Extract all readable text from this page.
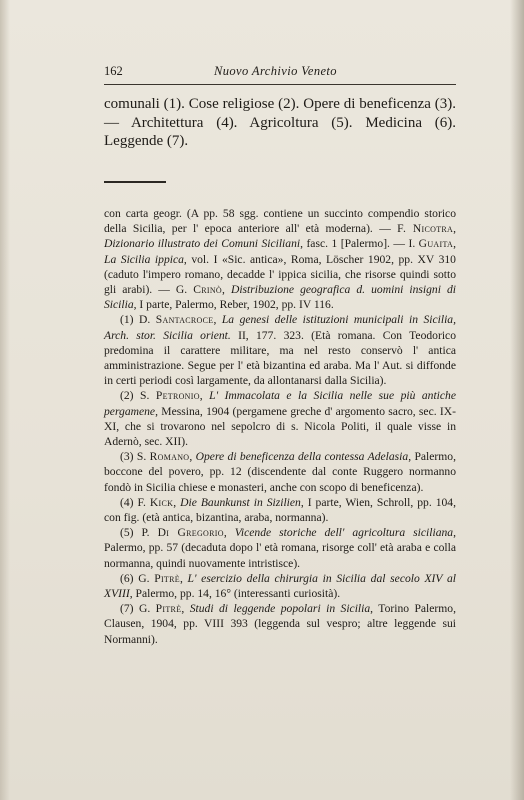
162	Nuovo Archivio Veneto

comunali (1). Cose religiose (2). Opere di beneficenza (3). — Architettura (4). Agricoltura (5). Medicina (6). Leggende (7).

con carta geogr. (A pp. 58 sgg. contiene un succinto compendio storico della Sicilia, per l' epoca anteriore all' età moderna). — F. Nicotra, Dizionario illustrato dei Comuni Siciliani, fasc. 1 [Palermo]. — I. Guaita, La Sicilia ippica, vol. I «Sic. antica», Roma, Löscher 1902, pp. XV 310 (caduto l'impero romano, decadde l' ippica sicilia, che risorse quindi sotto gli arabi). — G. Crinò, Distribuzione geografica d. uomini insigni di Sicilia, I parte, Palermo, Reber, 1902, pp. IV 116.

(1) D. Santacroce, La genesi delle istituzioni municipali in Sicilia, Arch. stor. Sicilia orient. II, 177. 323. (Età romana. Con Teodorico predomina il carattere militare, ma nel resto conservò l' antica amministrazione. Segue per l' età bizantina ed araba. Ma l' Aut. si diffonde in certi periodi così largamente, da allontanarsi dalla Sicilia).

(2) S. Petronio, L' Immacolata e la Sicilia nelle sue più antiche pergamene, Messina, 1904 (pergamene greche d' argomento sacro, sec. IX-XI, che si trovarono nel sepolcro di s. Nicola Politi, il quale visse in Adernò, sec. XII).

(3) S. Romano, Opere di beneficenza della contessa Adelasia, Palermo, boccone del povero, pp. 12 (discendente dal conte Ruggero normanno fondò in Sicilia chiese e monasteri, anche con scopo di beneficenza).

(4) F. Kick, Die Baunkunst in Sizilien, I parte, Wien, Schroll, pp. 104, con fig. (età antica, bizantina, araba, normanna).

(5) P. Di Gregorio, Vicende storiche dell' agricoltura siciliana, Palermo, pp. 57 (decaduta dopo l' età romana, risorge coll' età araba e colla normanna, quindi nuovamente intristisce).

(6) G. Pitrè, L' esercizio della chirurgia in Sicilia dal secolo XIV al XVIII, Palermo, pp. 14, 16° (interessanti curiosità).

(7) G. Pitrè, Studi di leggende popolari in Sicilia, Torino Palermo, Clausen, 1904, pp. VIII 393 (leggenda sul vespro; altre leggende sui Normanni).
